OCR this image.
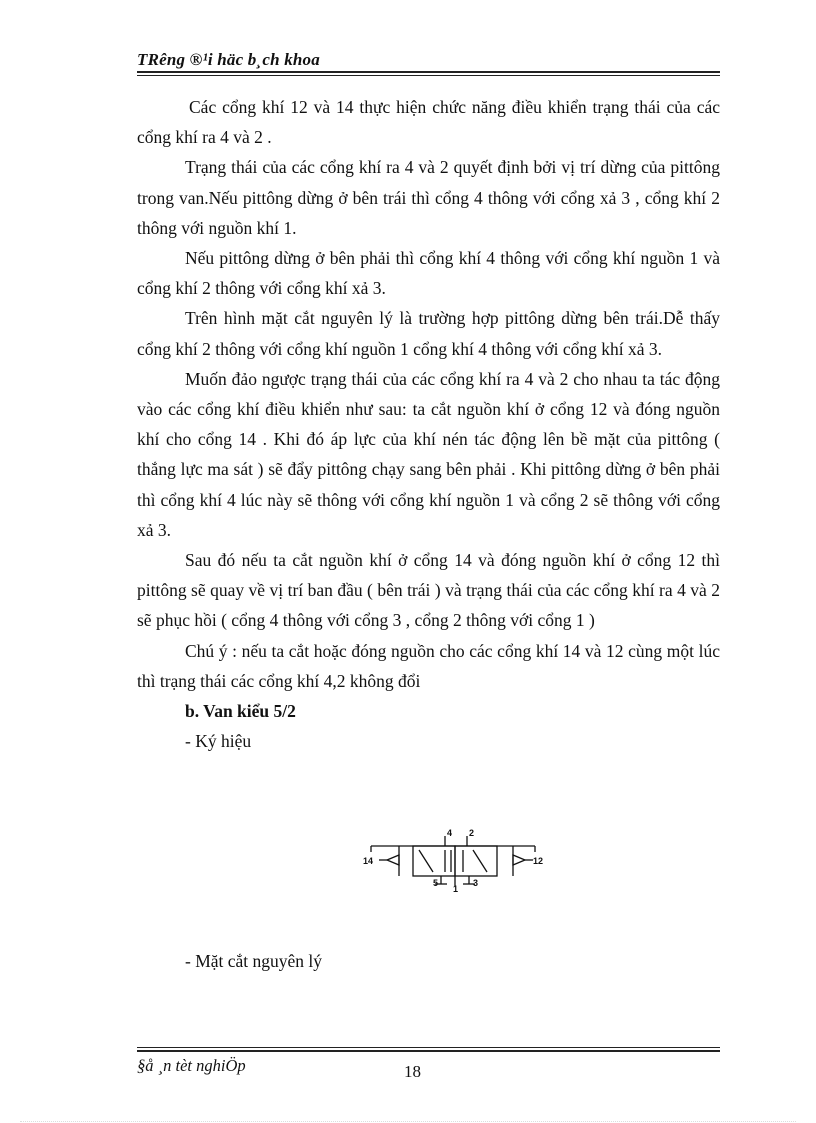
TRêng ®¹i häc b¸ch khoa

Các cổng khí 12 và 14 thực hiện chức năng điều khiển trạng thái của các cổng khí ra 4 và 2 .

Trạng thái của các cổng khí ra 4 và 2 quyết định bởi vị trí dừng của pittông trong van.Nếu pittông dừng ở bên trái thì cổng 4 thông với cổng xả 3 , cổng khí 2 thông với nguồn khí 1.

Nếu pittông dừng ở bên phải thì cổng khí 4 thông với cổng khí nguồn 1 và cổng khí 2 thông với cổng khí xả 3.

Trên hình mặt cắt nguyên lý là trường hợp pittông dừng bên trái.Dễ thấy cổng khí 2 thông với cổng khí nguồn 1 cổng khí 4 thông với cổng khí xả 3.

Muốn đảo ngược trạng thái của các cổng khí ra 4 và 2 cho nhau ta tác động vào các cổng khí điều khiển như sau: ta cắt nguồn khí ở cổng 12 và đóng nguồn khí cho cổng 14 . Khi đó áp lực của khí nén tác động lên bề mặt của pittông ( thắng lực ma sát ) sẽ đẩy pittông chạy sang bên phải . Khi pittông dừng ở bên phải thì cổng khí 4 lúc này sẽ thông với cổng khí nguồn 1 và cổng 2 sẽ thông với cổng xả 3.

Sau đó nếu ta cắt nguồn khí ở cổng 14 và đóng nguồn khí ở cổng 12 thì pittông sẽ quay về vị trí ban đầu ( bên trái ) và trạng thái của các cổng khí ra 4 và 2 sẽ phục hồi ( cổng 4 thông với cổng 3 , cổng 2 thông với cổng 1 )

Chú ý : nếu ta cắt hoặc đóng nguồn cho các cổng khí 14 và 12 cùng một lúc thì trạng thái các cổng khí 4,2 không đổi

b. Van kiểu 5/2

- Ký hiệu

14	12
4 2
5
1
3

- Mặt cắt nguyên lý

§å ¸n tèt nghiÖp	18
